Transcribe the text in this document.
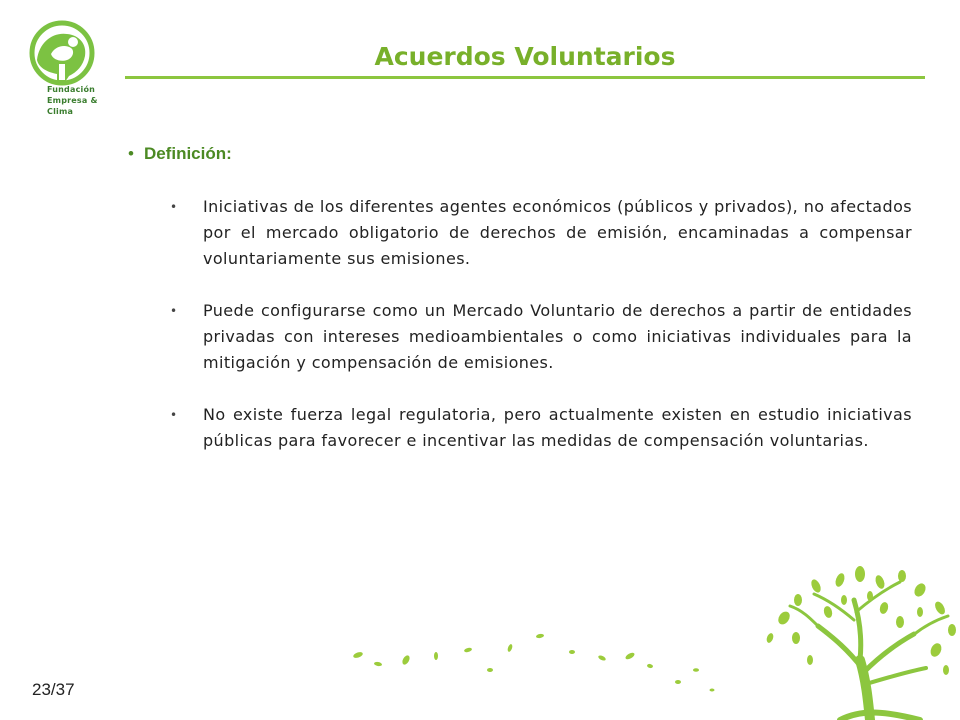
Fundación
Empresa &
Clima
Acuerdos Voluntarios
• Definición:
• Iniciativas de los diferentes agentes económicos (públicos y privados), no afectados por el mercado obligatorio de derechos de emisión, encaminadas a compensar voluntariamente sus emisiones.
• Puede configurarse como un Mercado Voluntario de derechos a partir de entidades privadas con intereses medioambientales o como iniciativas individuales para la mitigación y compensación de emisiones.
• No existe fuerza legal regulatoria, pero actualmente existen en estudio iniciativas públicas para favorecer e incentivar las medidas de compensación voluntarias.
23/37
